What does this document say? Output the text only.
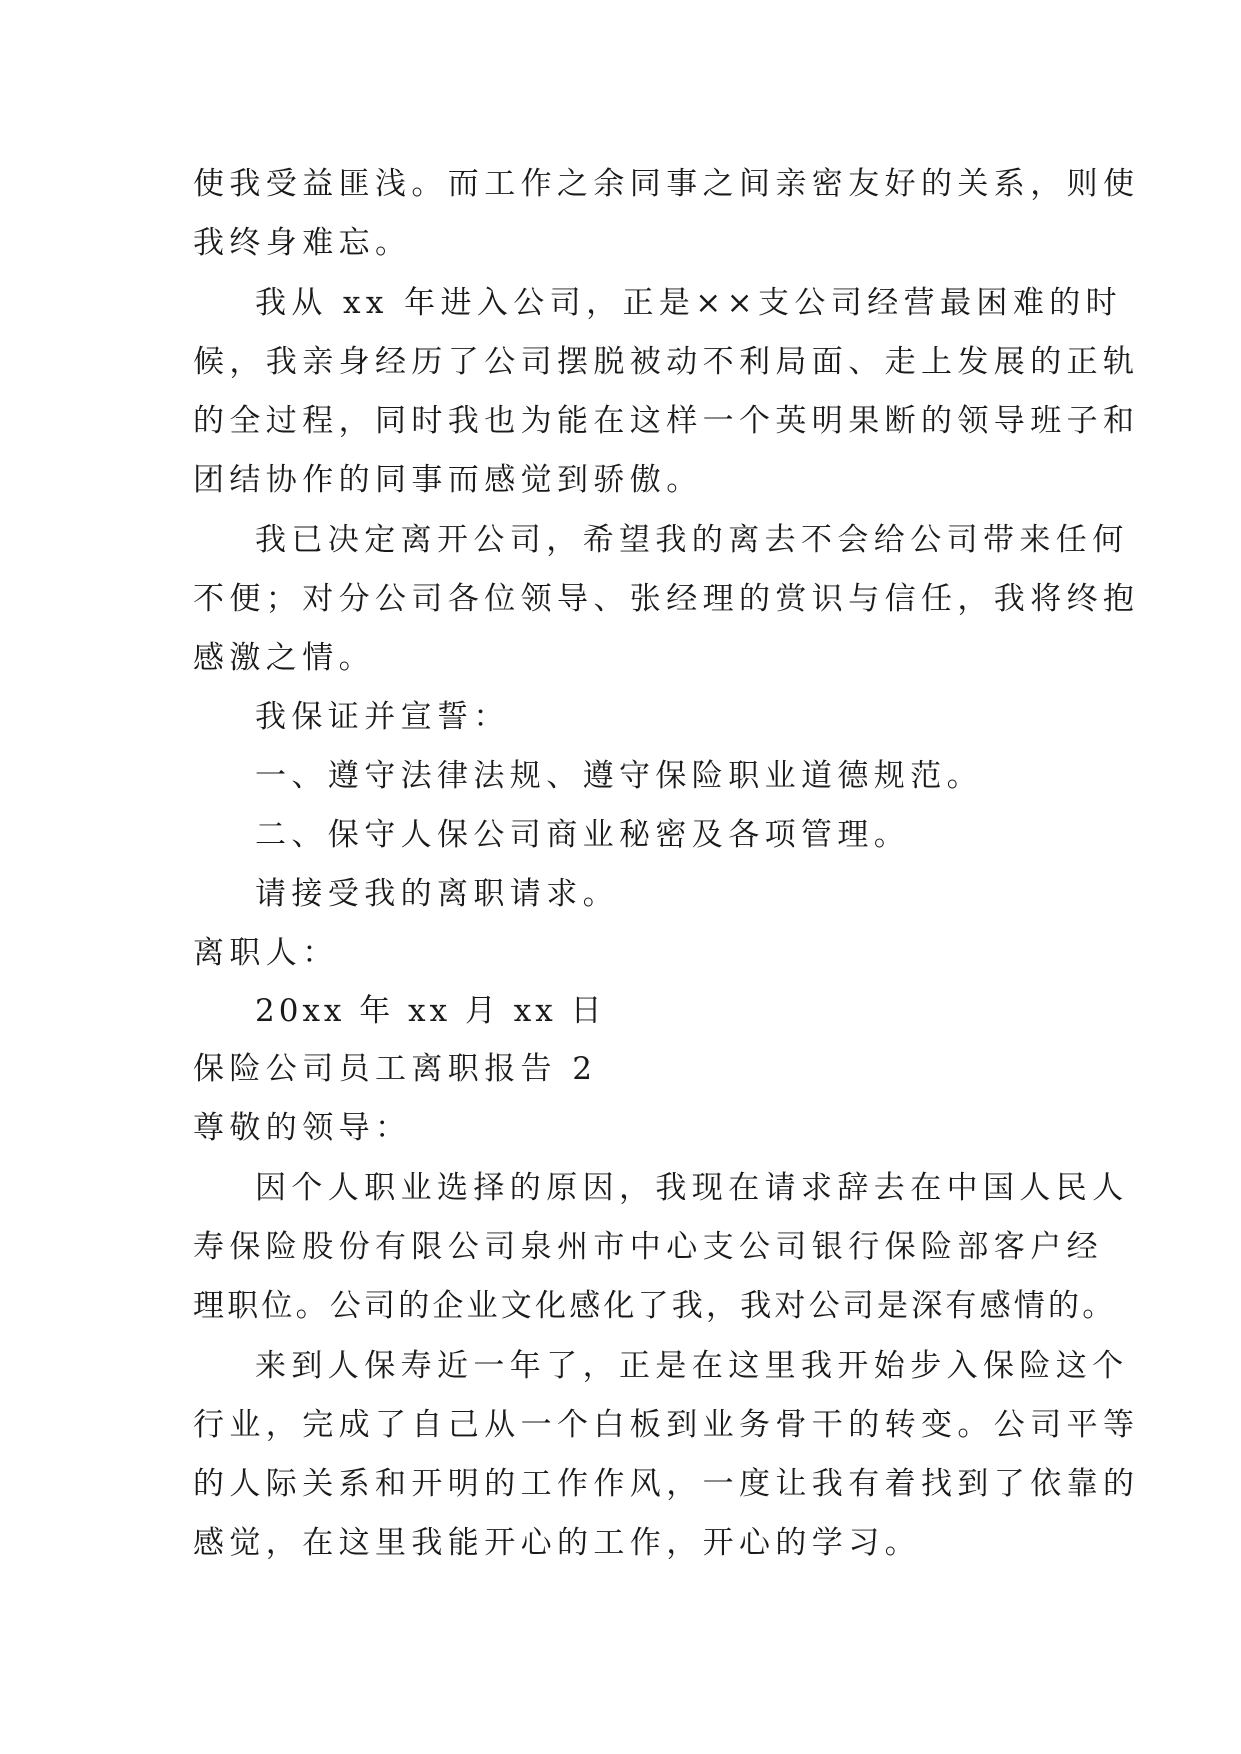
使我受益匪浅。而工作之余同事之间亲密友好的关系，则使
我终身难忘。
我从 xx 年进入公司，正是××支公司经营最困难的时
候，我亲身经历了公司摆脱被动不利局面、走上发展的正轨
的全过程，同时我也为能在这样一个英明果断的领导班子和
团结协作的同事而感觉到骄傲。
我已决定离开公司，希望我的离去不会给公司带来任何
不便；对分公司各位领导、张经理的赏识与信任，我将终抱
感激之情。
我保证并宣誓：
一、遵守法律法规、遵守保险职业道德规范。
二、保守人保公司商业秘密及各项管理。
请接受我的离职请求。
离职人：
20xx 年 xx 月 xx 日
保险公司员工离职报告 2
尊敬的领导：
因个人职业选择的原因，我现在请求辞去在中国人民人
寿保险股份有限公司泉州市中心支公司银行保险部客户经
理职位。公司的企业文化感化了我，我对公司是深有感情的。
来到人保寿近一年了，正是在这里我开始步入保险这个
行业，完成了自己从一个白板到业务骨干的转变。公司平等
的人际关系和开明的工作作风，一度让我有着找到了依靠的
感觉，在这里我能开心的工作，开心的学习。
